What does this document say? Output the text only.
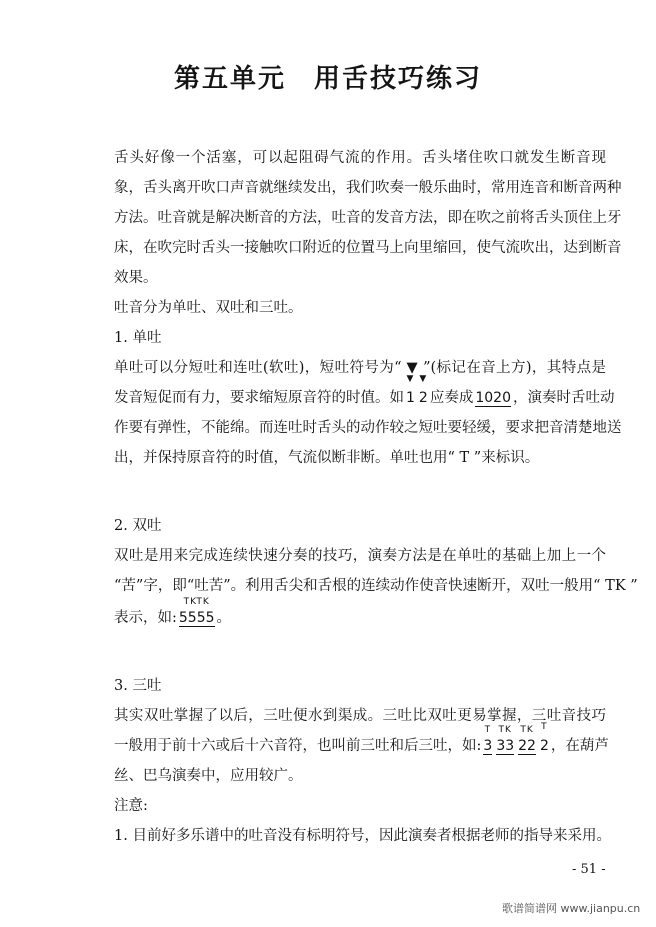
第五单元 用舌技巧练习
舌头好像一个活塞，可以起阻碍气流的作用。舌头堵住吹口就发生断音现
象，舌头离开吹口声音就继续发出，我们吹奏一般乐曲时，常用连音和断音两种
方法。吐音就是解决断音的方法，吐音的发音方法，即在吹之前将舌头顶住上牙
床，在吹完时舌头一接触吹口附近的位置马上向里缩回，使气流吹出，达到断音
效果。
吐音分为单吐、双吐和三吐。
1. 单吐
单吐可以分短吐和连吐(软吐)，短吐符号为“ ▼ ”(标记在音上方)，其特点是
发音短促而有力，要求缩短原音符的时值。如
▼
1
▼
2 应奏成 1020 ，演奏时舌吐动
作要有弹性，不能绵。而连吐时舌头的动作较之短吐要轻缓，要求把音清楚地送
出，并保持原音符的时值，气流似断非断。单吐也用“ T ”来标识。
2. 双吐
双吐是用来完成连续快速分奏的技巧，演奏方法是在单吐的基础上加上一个
“苦”字，即“吐苦”。利用舌尖和舌根的连续动作使音快速断开，双吐一般用“ TK ”
表示，如:
TKTK
5555 。
3. 三吐
其实双吐掌握了以后，三吐便水到渠成。三吐比双吐更易掌握，三吐音技巧
一般用于前十六或后十六音符，也叫前三吐和后三吐，如:
T
3
TK
33
TK
22
T
2 ，在葫芦
丝、巴乌演奏中，应用较广。
注意:
1. 目前好多乐谱中的吐音没有标明符号，因此演奏者根据老师的指导来采用。
- 51 -
歌谱简谱网 www.jianpu.cn
